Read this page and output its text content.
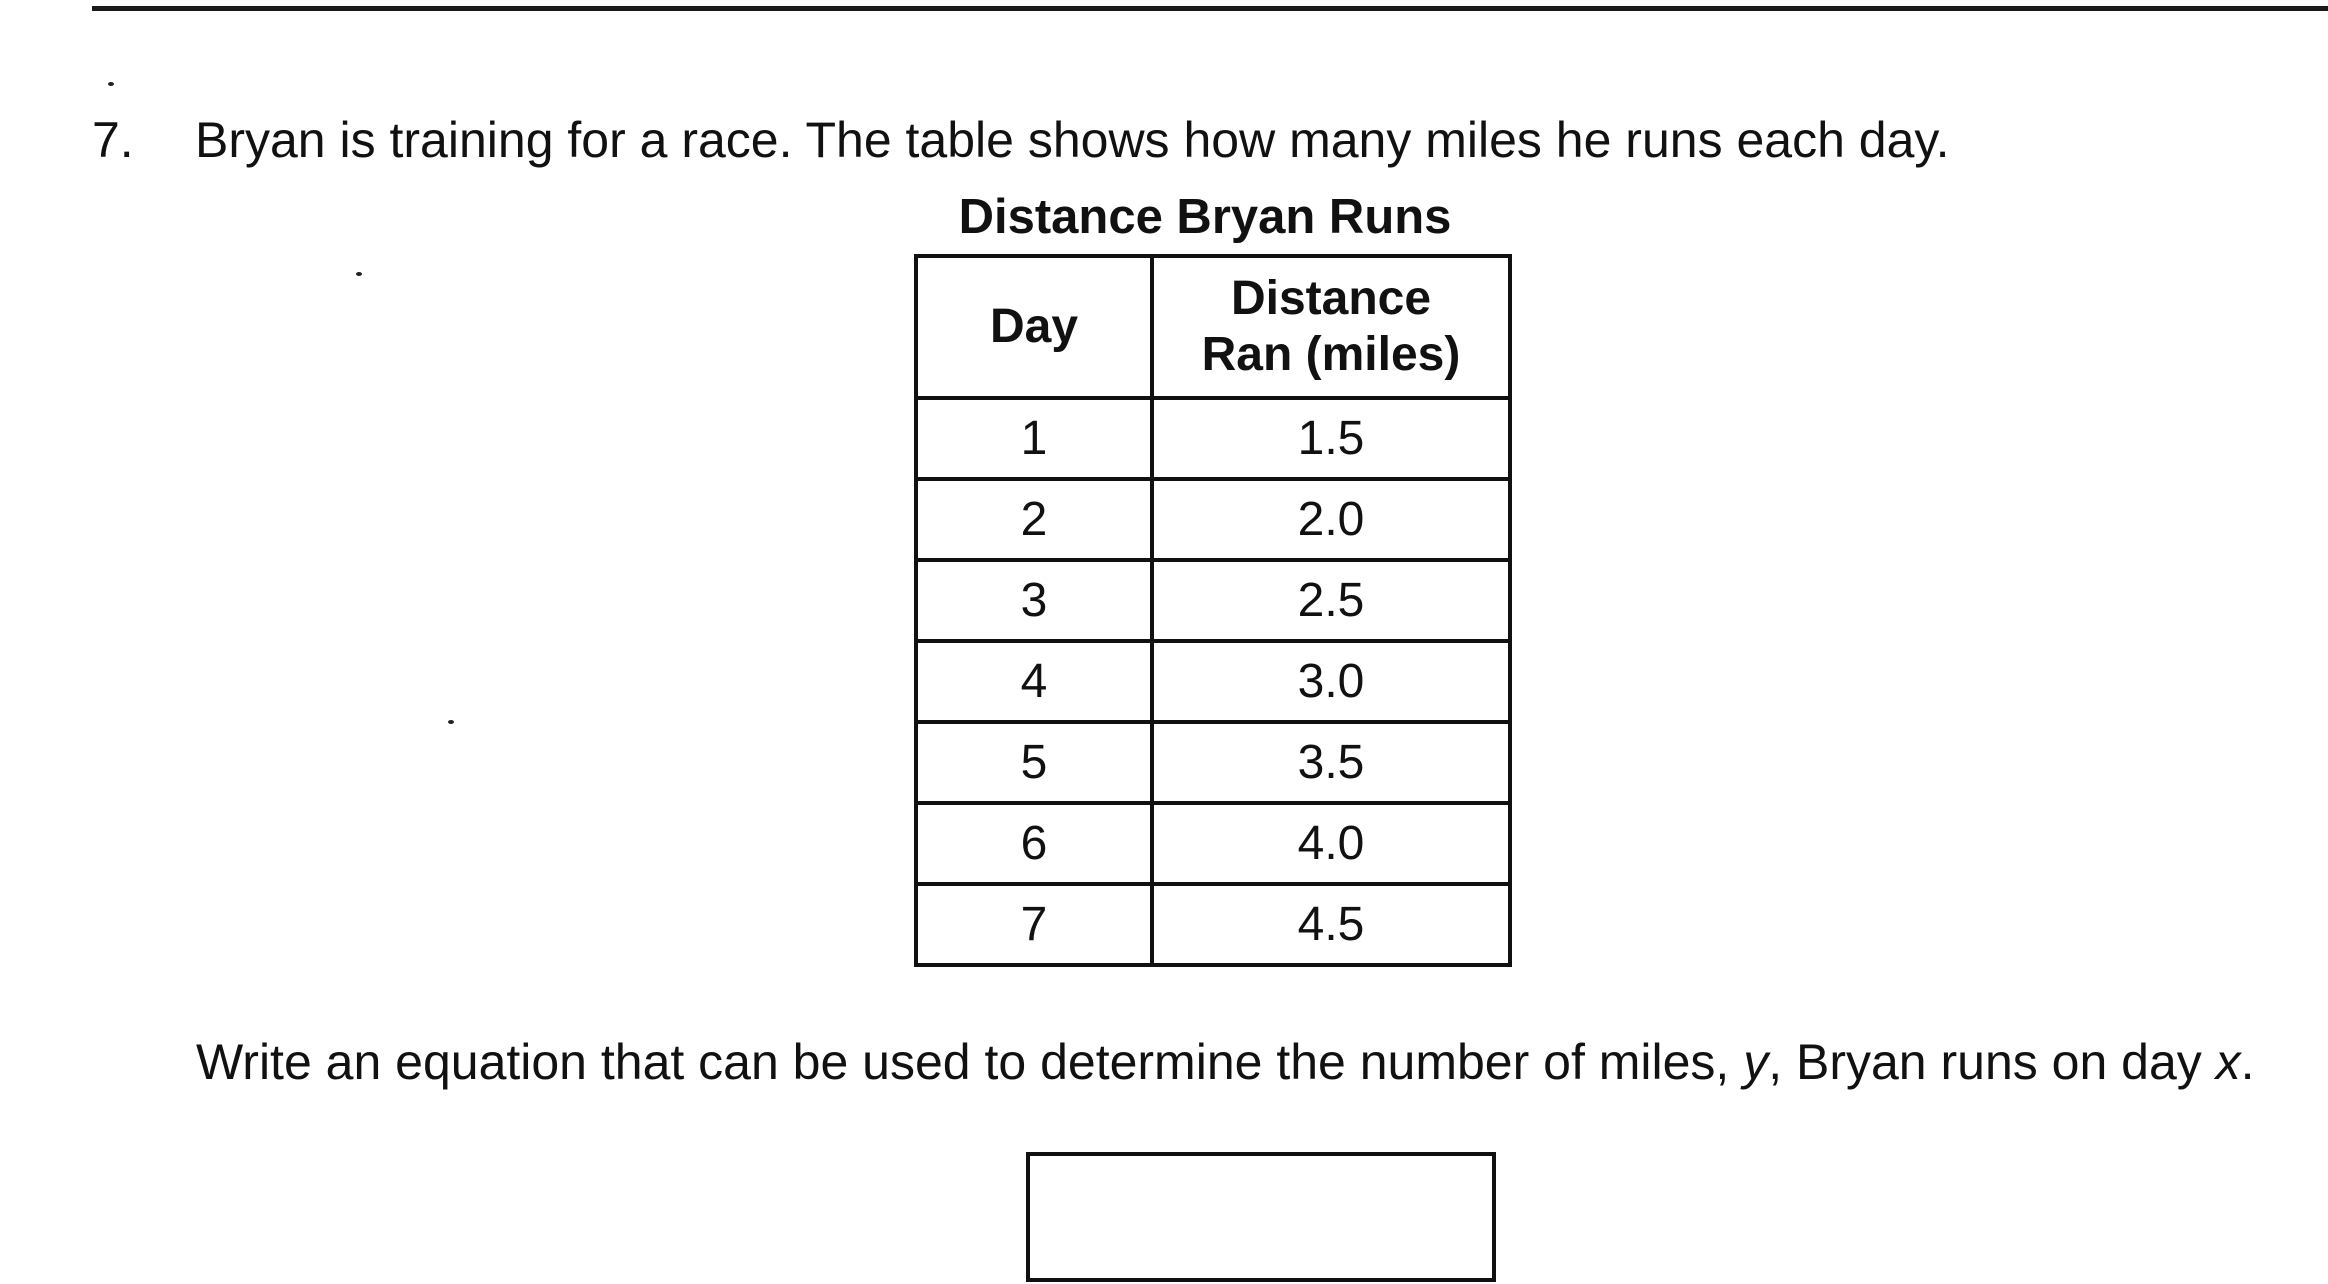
7. Bryan is training for a race. The table shows how many miles he runs each day.
Distance Bryan Runs
Day	Distance
Ran (miles)
1	1.5
2	2.0
3	2.5
4	3.0
5	3.5
6	4.0
7	4.5
Write an equation that can be used to determine the number of miles, y, Bryan runs on day x.
